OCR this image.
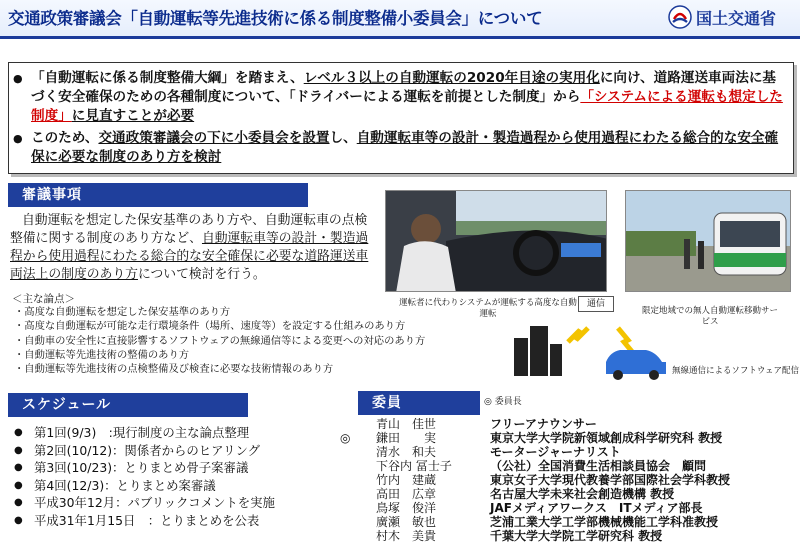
交通政策審議会「自動運転等先進技術に係る制度整備小委員会」について	国土交通省
● 「自動運転に係る制度整備大綱」を踏まえ、レベル３以上の自動運転の2020年目途の実用化に向け、道路運送車両法に基づく安全確保のための各種制度について、「ドライバーによる運転を前提とした制度」から「システムによる運転も想定した制度」に見直すことが必要
● このため、交通政策審議会の下に小委員会を設置し、自動運転車等の設計・製造過程から使用過程にわたる総合的な安全確保に必要な制度のあり方を検討
審議事項
自動運転を想定した保安基準のあり方や、自動運転車の点検整備に関する制度のあり方など、自動運転車等の設計・製造過程から使用過程にわたる総合的な安全確保に必要な道路運送車両法上の制度のあり方について検討を行う。
＜主な論点＞
・高度な自動運転を想定した保安基準のあり方
・高度な自動運転が可能な走行環境条件（場所、速度等）を設定する仕組みのあり方
・自動車の安全性に直接影響するソフトウェアの無線通信等による変更への対応のあり方
・自動運転等先進技術の整備のあり方
・自動運転等先進技術の点検整備及び検査に必要な技術情報のあり方
運転者に代わりシステムが運転する高度な自動運転	限定地域での無人自動運転移動サービス
通信
無線通信によるソフトウェア配信
スケジュール
● 第1回(9/3)　:現行制度の主な論点整理
● 第2回(10/12)：関係者からのヒアリング
● 第3回(10/23)：とりまとめ骨子案審議
● 第4回(12/3)：とりまとめ案審議
● 平成30年12月：パブリックコメントを実施
● 平成31年1月15日　：とりまとめを公表
委員	◎ 委員長
青山　佳世	フリーアナウンサー
◎	鎌田　　実	東京大学大学院新領域創成科学研究科 教授
清水　和夫	モータージャーナリスト
下谷内 冨士子	（公社）全国消費生活相談員協会　顧問
竹内　建蔵	東京女子大学現代教養学部国際社会学科教授
高田　広章	名古屋大学未来社会創造機構 教授
鳥塚　俊洋	JAFメディアワークス　ITメディア部長
廣瀬　敏也	芝浦工業大学工学部機械機能工学科准教授
村木　美貴	千葉大学大学院工学研究科 教授
